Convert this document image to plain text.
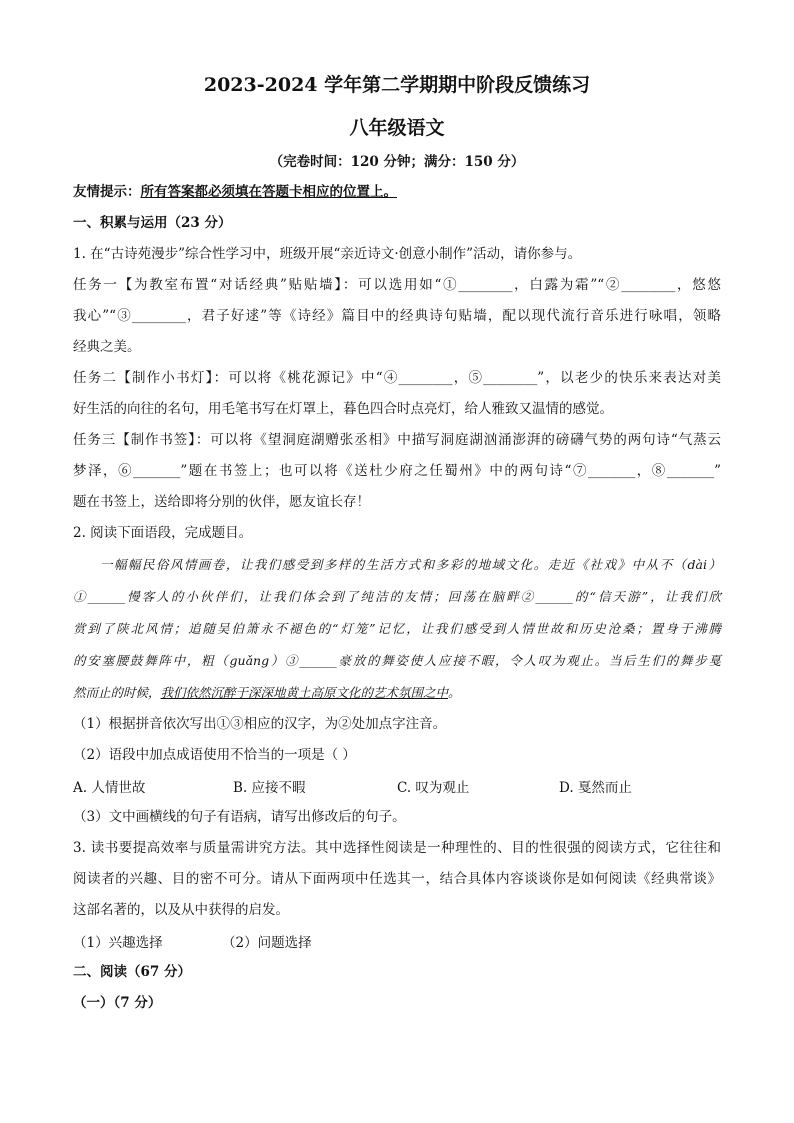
2023-2024 学年第二学期期中阶段反馈练习
八年级语文
（完卷时间：120 分钟；满分：150 分）
友情提示：所有答案都必须填在答题卡相应的位置上。
一、积累与运用（23 分）
1. 在“古诗苑漫步”综合性学习中，班级开展“亲近诗文·创意小制作”活动，请你参与。
任务一【为教室布置“对话经典”贴贴墙】：可以选用如“①________，白露为霜”“②________，悠悠
我心”“③________，君子好逑”等《诗经》篇目中的经典诗句贴墙，配以现代流行音乐进行咏唱，领略
经典之美。
任务二【制作小书灯】：可以将《桃花源记》中“④________，⑤________”，以老少的快乐来表达对美
好生活的向往的名句，用毛笔书写在灯罩上，暮色四合时点亮灯，给人雅致又温情的感觉。
任务三【制作书签】：可以将《望洞庭湖赠张丞相》中描写洞庭湖汹涌澎湃的磅礴气势的两句诗“气蒸云
梦泽，⑥_______”题在书签上；也可以将《送杜少府之任蜀州》中的两句诗“⑦_______，⑧_______”
题在书签上，送给即将分别的伙伴，愿友谊长存！
2. 阅读下面语段，完成题目。
一幅幅民俗风情画卷，让我们感受到多样的生活方式和多彩的地域文化。走近《社戏》中从不（dài）
①______慢客人的小伙伴们，让我们体会到了纯洁的友情；回荡在脑畔②______的“信天游”，让我们欣
赏到了陕北风情；追随吴伯箫永不褪色的“灯笼”记忆，让我们感受到人情世故和历史沧桑；置身于沸腾
的安塞腰鼓舞阵中，粗（guǎng）③______豪放的舞姿使人应接不暇，令人叹为观止。当后生们的舞步戛
然而止的时候，我们依然沉醉于深深地黄土高原文化的艺术氛围之中。
（1）根据拼音依次写出①③相应的汉字，为②处加点字注音。
（2）语段中加点成语使用不恰当的一项是（ ）
A. 人情世故	B. 应接不暇	C. 叹为观止	D. 戛然而止
（3）文中画横线的句子有语病，请写出修改后的句子。
3. 读书要提高效率与质量需讲究方法。其中选择性阅读是一种理性的、目的性很强的阅读方式，它往往和
阅读者的兴趣、目的密不可分。请从下面两项中任选其一，结合具体内容谈谈你是如何阅读《经典常谈》
这部名著的，以及从中获得的启发。
（1）兴趣选择	（2）问题选择
二、阅读（67 分）
（一）（7 分）
